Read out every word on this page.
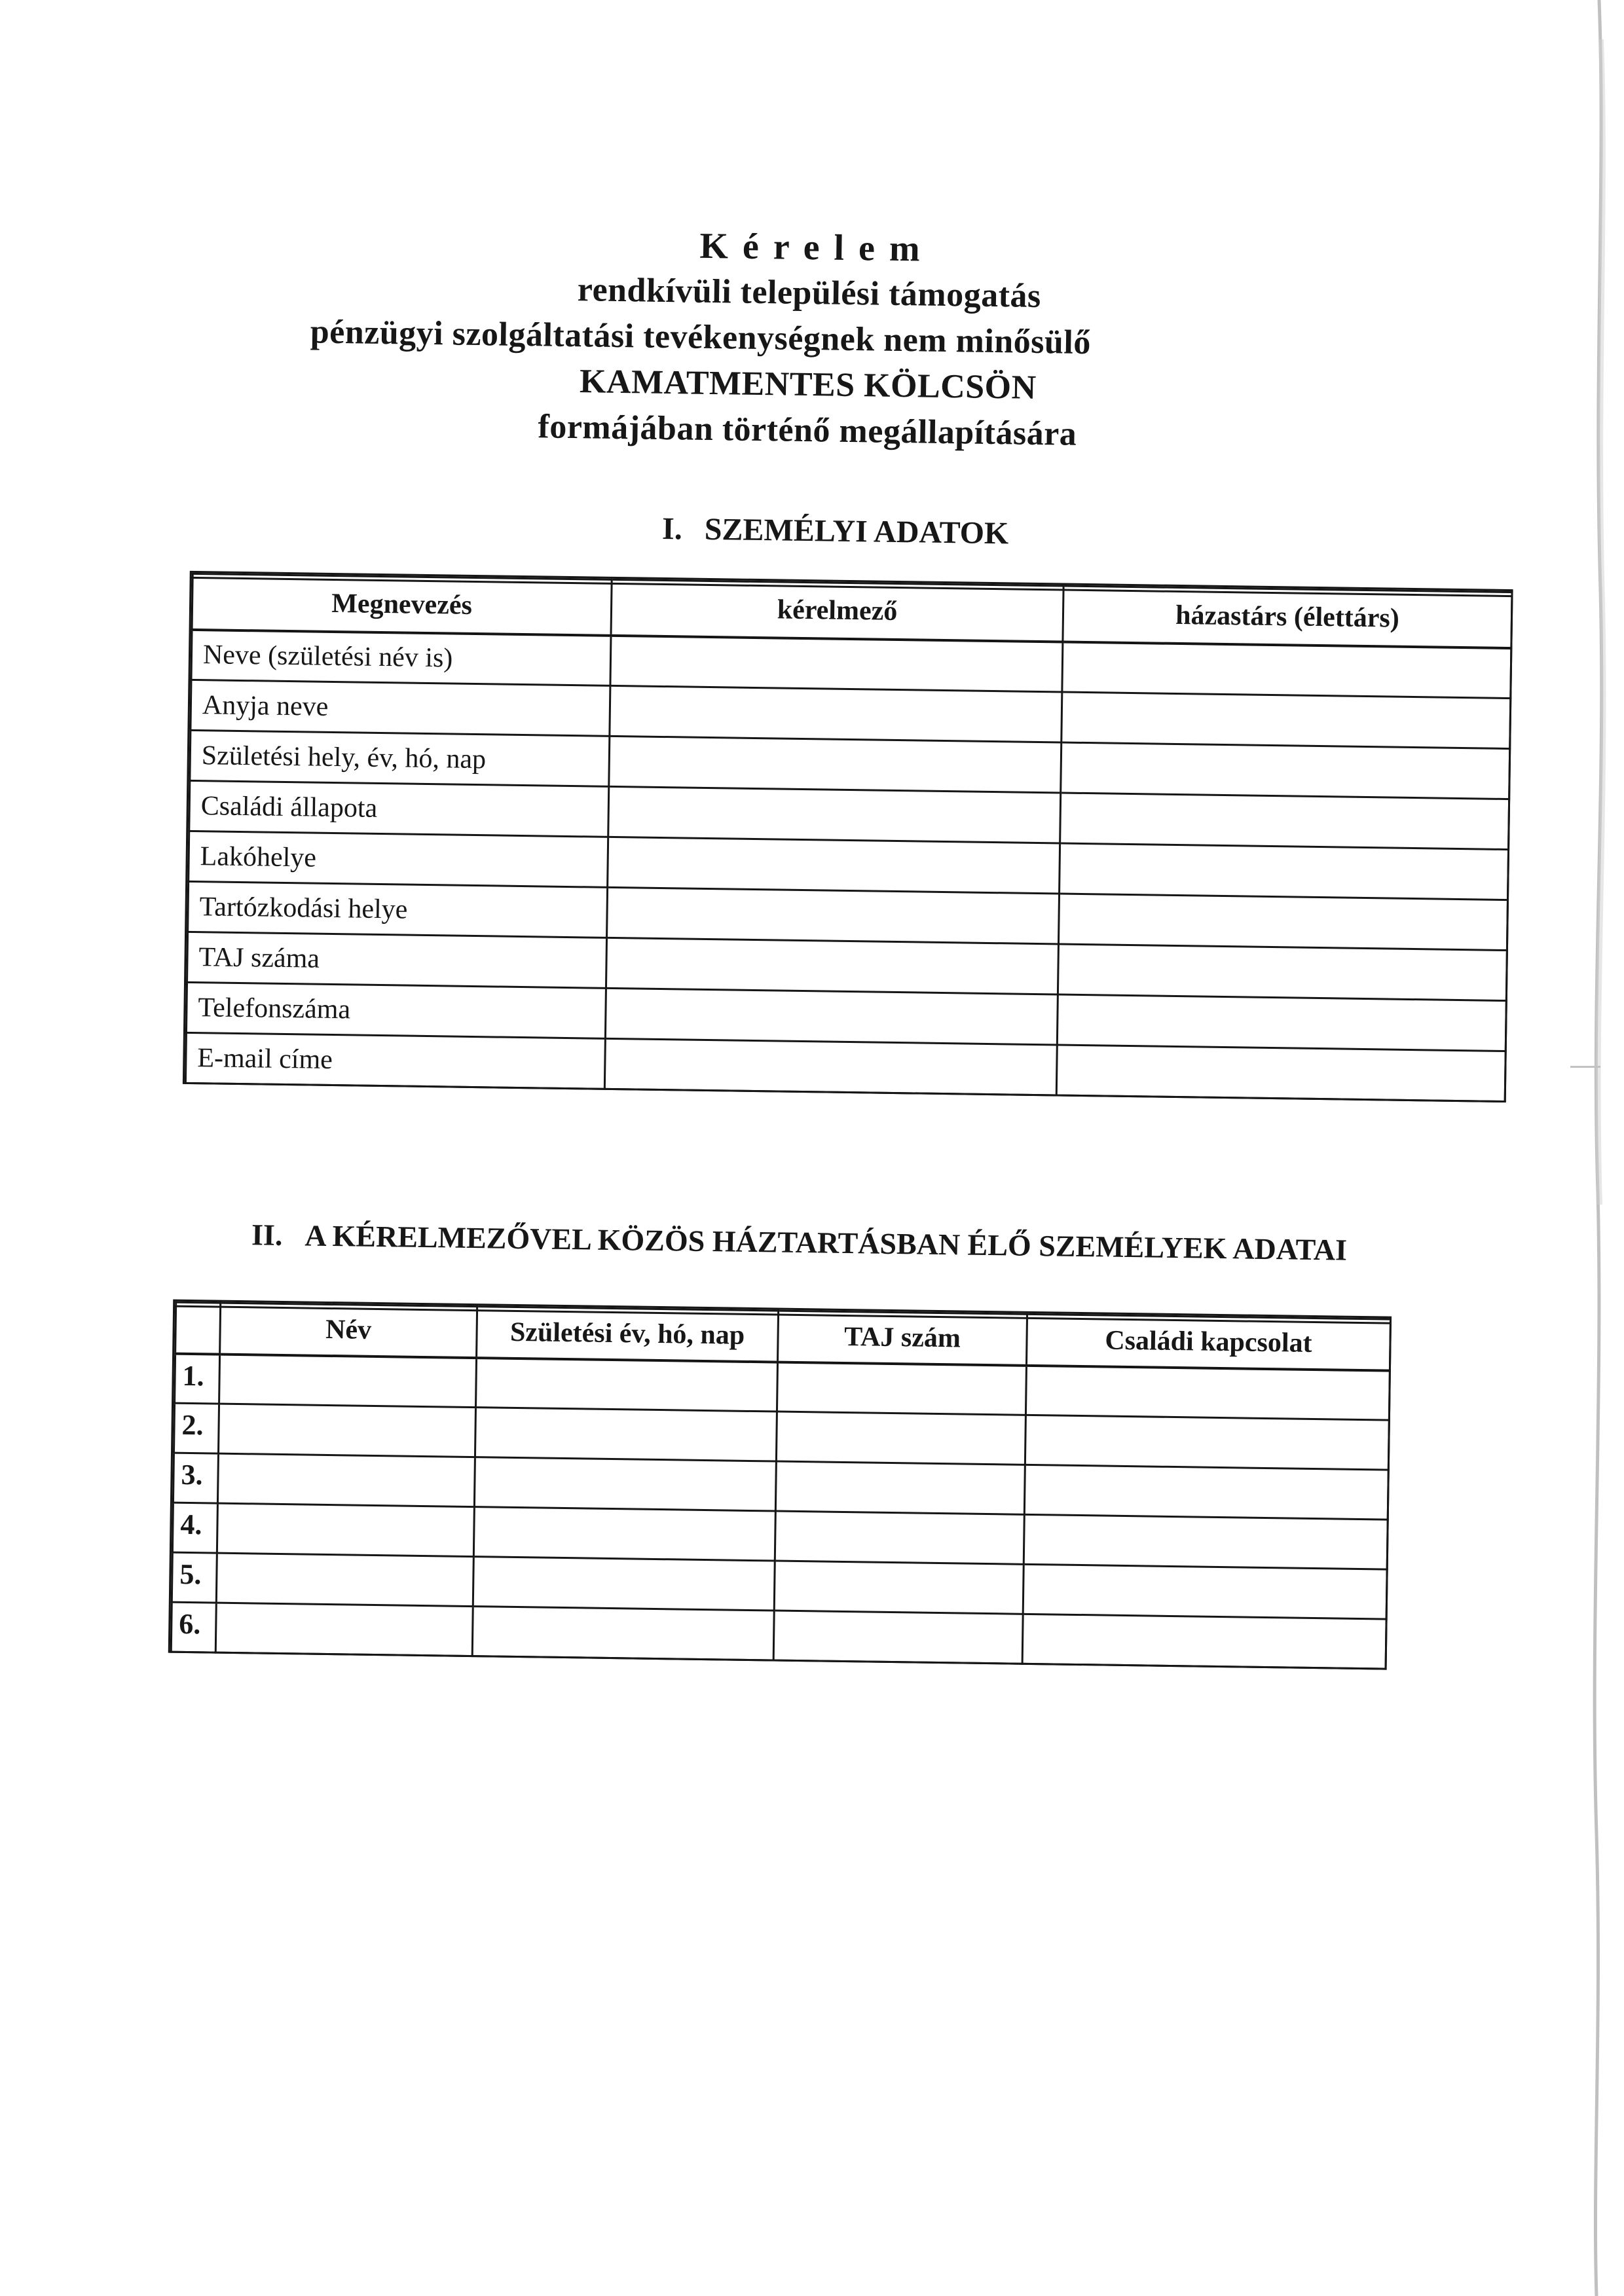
K é r e l e m
rendkívüli települési támogatás
pénzügyi szolgáltatási tevékenységnek nem minősülő
KAMATMENTES KÖLCSÖN
formájában történő megállapítására
I. SZEMÉLYI ADATOK
Megnevezés	kérelmező	házastárs (élettárs)
Neve (születési név is)		
Anyja neve		
Születési hely, év, hó, nap		
Családi állapota		
Lakóhelye		
Tartózkodási helye		
TAJ száma		
Telefonszáma		
E-mail címe		
II. A KÉRELMEZŐVEL KÖZÖS HÁZTARTÁSBAN ÉLŐ SZEMÉLYEK ADATAI
	Név	Születési év, hó, nap	TAJ szám	Családi kapcsolat
1.				
2.				
3.				
4.				
5.				
6.				
